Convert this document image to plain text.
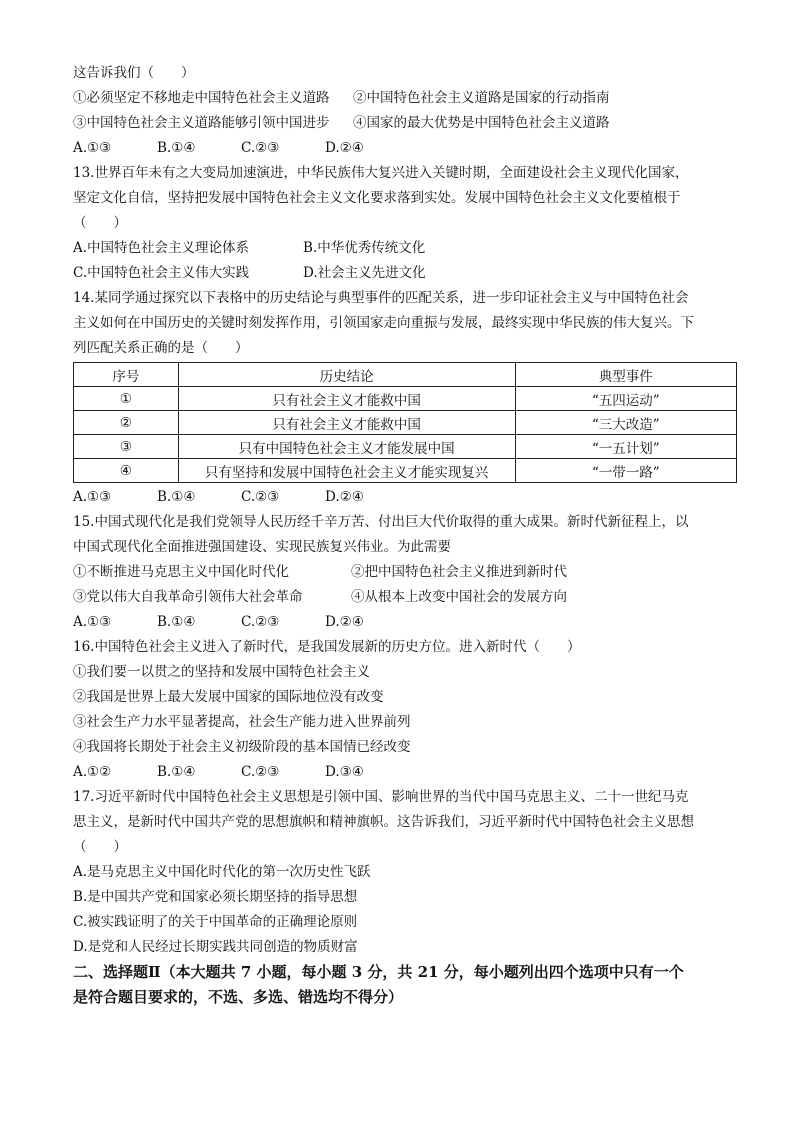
这告诉我们（　　）
①必须坚定不移地走中国特色社会主义道路	②中国特色社会主义道路是国家的行动指南
③中国特色社会主义道路能够引领中国进步	④国家的最大优势是中国特色社会主义道路
A.①③	B.①④	C.②③	D.②④
13.世界百年未有之大变局加速演进，中华民族伟大复兴进入关键时期，全面建设社会主义现代化国家，
坚定文化自信，坚持把发展中国特色社会主义文化要求落到实处。发展中国特色社会主义文化要植根于
（　　）
A.中国特色社会主义理论体系	B.中华优秀传统文化
C.中国特色社会主义伟大实践	D.社会主义先进文化
14.某同学通过探究以下表格中的历史结论与典型事件的匹配关系，进一步印证社会主义与中国特色社会
主义如何在中国历史的关键时刻发挥作用，引领国家走向重振与发展，最终实现中华民族的伟大复兴。下
列匹配关系正确的是（　　）
序号	历史结论	典型事件
①	只有社会主义才能救中国	“五四运动”
②	只有社会主义才能救中国	“三大改造”
③	只有中国特色社会主义才能发展中国	“一五计划”
④	只有坚持和发展中国特色社会主义才能实现复兴	“一带一路”
A.①③	B.①④	C.②③	D.②④
15.中国式现代化是我们党领导人民历经千辛万苦、付出巨大代价取得的重大成果。新时代新征程上，以
中国式现代化全面推进强国建设、实现民族复兴伟业。为此需要
①不断推进马克思主义中国化时代化	②把中国特色社会主义推进到新时代
③党以伟大自我革命引领伟大社会革命	④从根本上改变中国社会的发展方向
A.①③	B.①④	C.②③	D.②④
16.中国特色社会主义进入了新时代，是我国发展新的历史方位。进入新时代（　　）
①我们要一以贯之的坚持和发展中国特色社会主义
②我国是世界上最大发展中国家的国际地位没有改变
③社会生产力水平显著提高，社会生产能力进入世界前列
④我国将长期处于社会主义初级阶段的基本国情已经改变
A.①②	B.①④	C.②③	D.③④
17.习近平新时代中国特色社会主义思想是引领中国、影响世界的当代中国马克思主义、二十一世纪马克
思主义，是新时代中国共产党的思想旗帜和精神旗帜。这告诉我们，习近平新时代中国特色社会主义思想
（　　）
A.是马克思主义中国化时代化的第一次历史性飞跃
B.是中国共产党和国家必须长期坚持的指导思想
C.被实践证明了的关于中国革命的正确理论原则
D.是党和人民经过长期实践共同创造的物质财富
二、选择题Ⅱ（本大题共 7 小题，每小题 3 分，共 21 分，每小题列出四个选项中只有一个
是符合题目要求的，不选、多选、错选均不得分）
